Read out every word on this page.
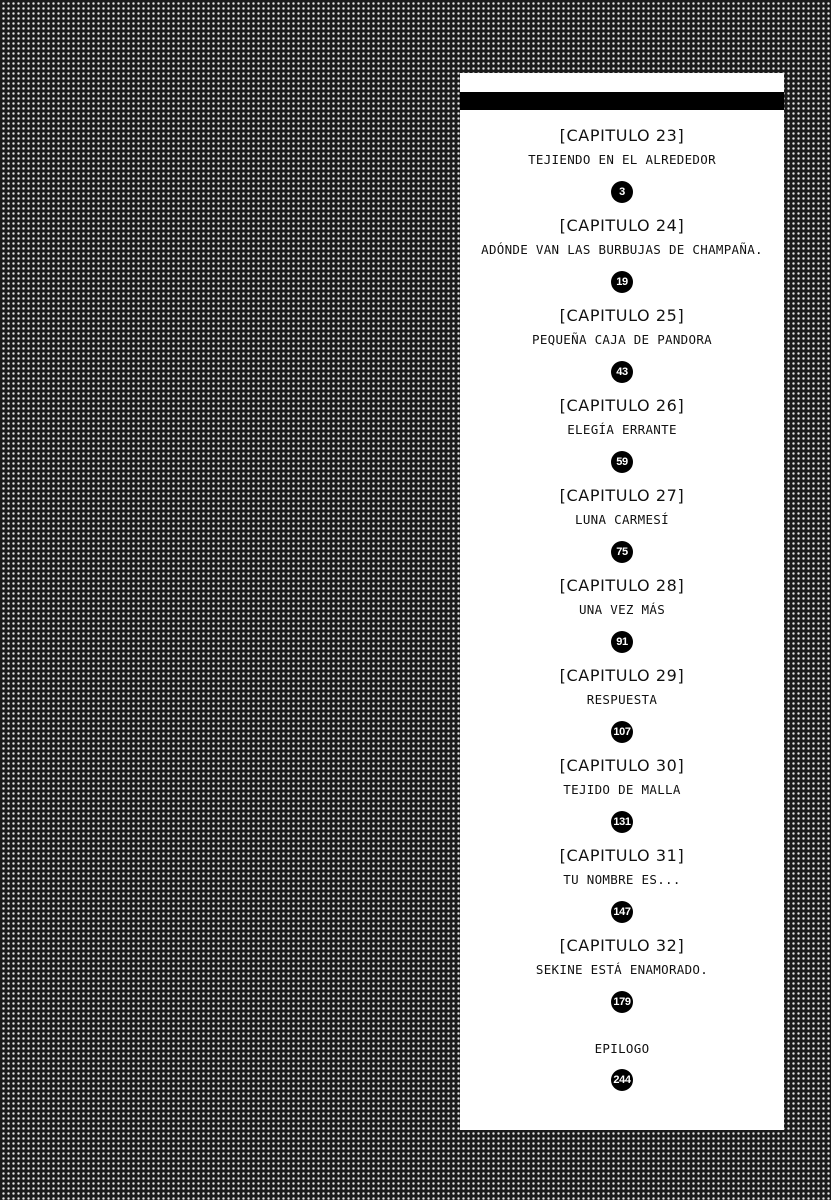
[CAPITULO 23]
TEJIENDO EN EL ALREDEDOR
3
[CAPITULO 24]
ADÓNDE VAN LAS BURBUJAS DE CHAMPAÑA.
19
[CAPITULO 25]
PEQUEÑA CAJA DE PANDORA
43
[CAPITULO 26]
ELEGÍA ERRANTE
59
[CAPITULO 27]
LUNA CARMESÍ
75
[CAPITULO 28]
UNA VEZ MÁS
91
[CAPITULO 29]
RESPUESTA
107
[CAPITULO 30]
TEJIDO DE MALLA
131
[CAPITULO 31]
TU NOMBRE ES...
147
[CAPITULO 32]
SEKINE ESTÁ ENAMORADO.
179
EPILOGO
244
